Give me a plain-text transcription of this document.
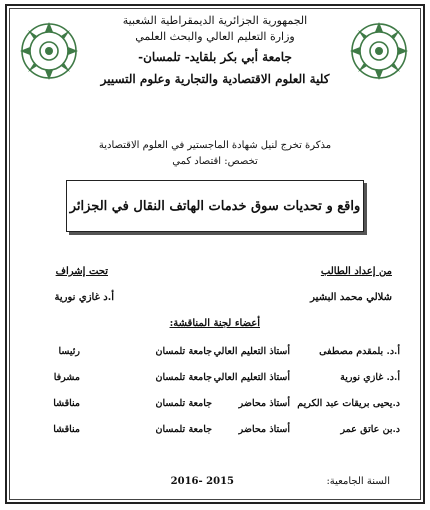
الجمهورية الجزائرية الديمقراطية الشعبية
وزارة التعليم العالي والبحث العلمي
جامعة أبي بكر بلقايد- تلمسان-
كلية العلوم الاقتصادية والتجارية وعلوم التسيير
مذكرة تخرج لنيل شهادة الماجستير في العلوم الاقتصادية
تخصص: اقتصاد كمي
واقع و تحديات سوق خدمات الهاتف النقال في الجزائر
من إعداد الطالب
تحت إشراف
شلالي محمد البشير
أ.د غازي نورية
أعضاء لجنة المناقشة:
أ.د. بلمقدم مصطفى
أستاذ التعليم العالي
جامعة تلمسان
رئيسا
أ.د. غازي نورية
أستاذ التعليم العالي
جامعة تلمسان
مشرفا
د.يحيى بريقات عبد الكريم
أستاذ محاضر
جامعة تلمسان
مناقشا
د.بن عاتق عمر
أستاذ محاضر
جامعة تلمسان
مناقشا
السنة الجامعية:
2015 -2016
